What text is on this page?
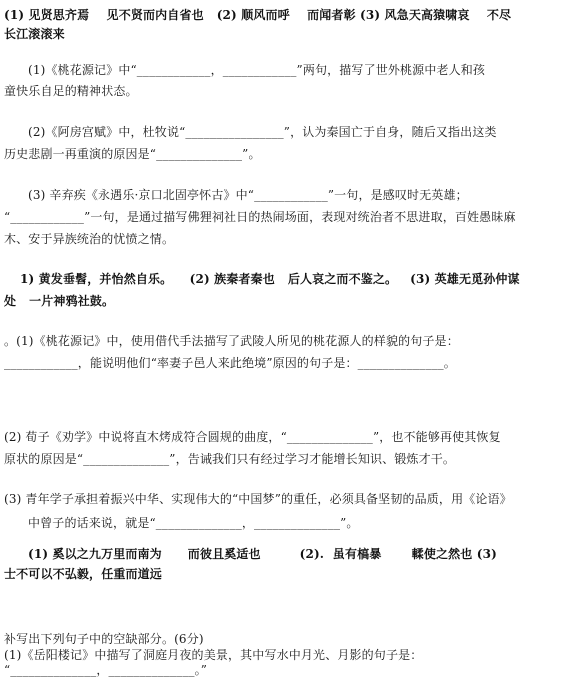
(1) 见贤思齐焉    见不贤而内自省也   (2) 顺风而呼    而闻者彰 (3) 风急天高猿啸哀    不尽
长江滚滚来
(1)《桃花源记》中“____________，____________”两句，描写了世外桃源中老人和孩
童快乐自足的精神状态。
(2)《阿房宫赋》中，杜牧说“________________”，认为秦国亡于自身，随后又指出这类
历史悲剧一再重演的原因是“______________”。
(3) 辛弃疾《永遇乐·京口北固亭怀古》中“____________”一句，是感叹时无英雄；
“____________”一句，是通过描写佛狸祠社日的热闹场面，表现对统治者不思进取，百姓愚昧麻
木、安于异族统治的忧愤之情。
1) 黄发垂髫，并怡然自乐。    (2) 族秦者秦也   后人哀之而不鉴之。   (3) 英雄无觅孙仲谋
处   一片神鸦社鼓。
。(1)《桃花源记》中，使用借代手法描写了武陵人所见的桃花源人的样貌的句子是：
____________，能说明他们“率妻子邑人来此绝境”原因的句子是：______________。
(2) 荀子《劝学》中说将直木烤成符合圆规的曲度，“______________”，也不能够再使其恢复
原状的原因是“______________”，告诫我们只有经过学习才能增长知识、锻炼才干。
(3) 青年学子承担着振兴中华、实现伟大的“中国梦”的重任，必须具备坚韧的品质，用《论语》
中曾子的话来说，就是“______________，______________”。
(1) 奚以之九万里而南为      而彼且奚适也         (2).  虽有槁暴       輮使之然也 (3)
士不可以不弘毅，任重而道远
补写出下列句子中的空缺部分。(6分)
(1)《岳阳楼记》中描写了洞庭月夜的美景，其中写水中月光、月影的句子是：
“______________，______________。”
